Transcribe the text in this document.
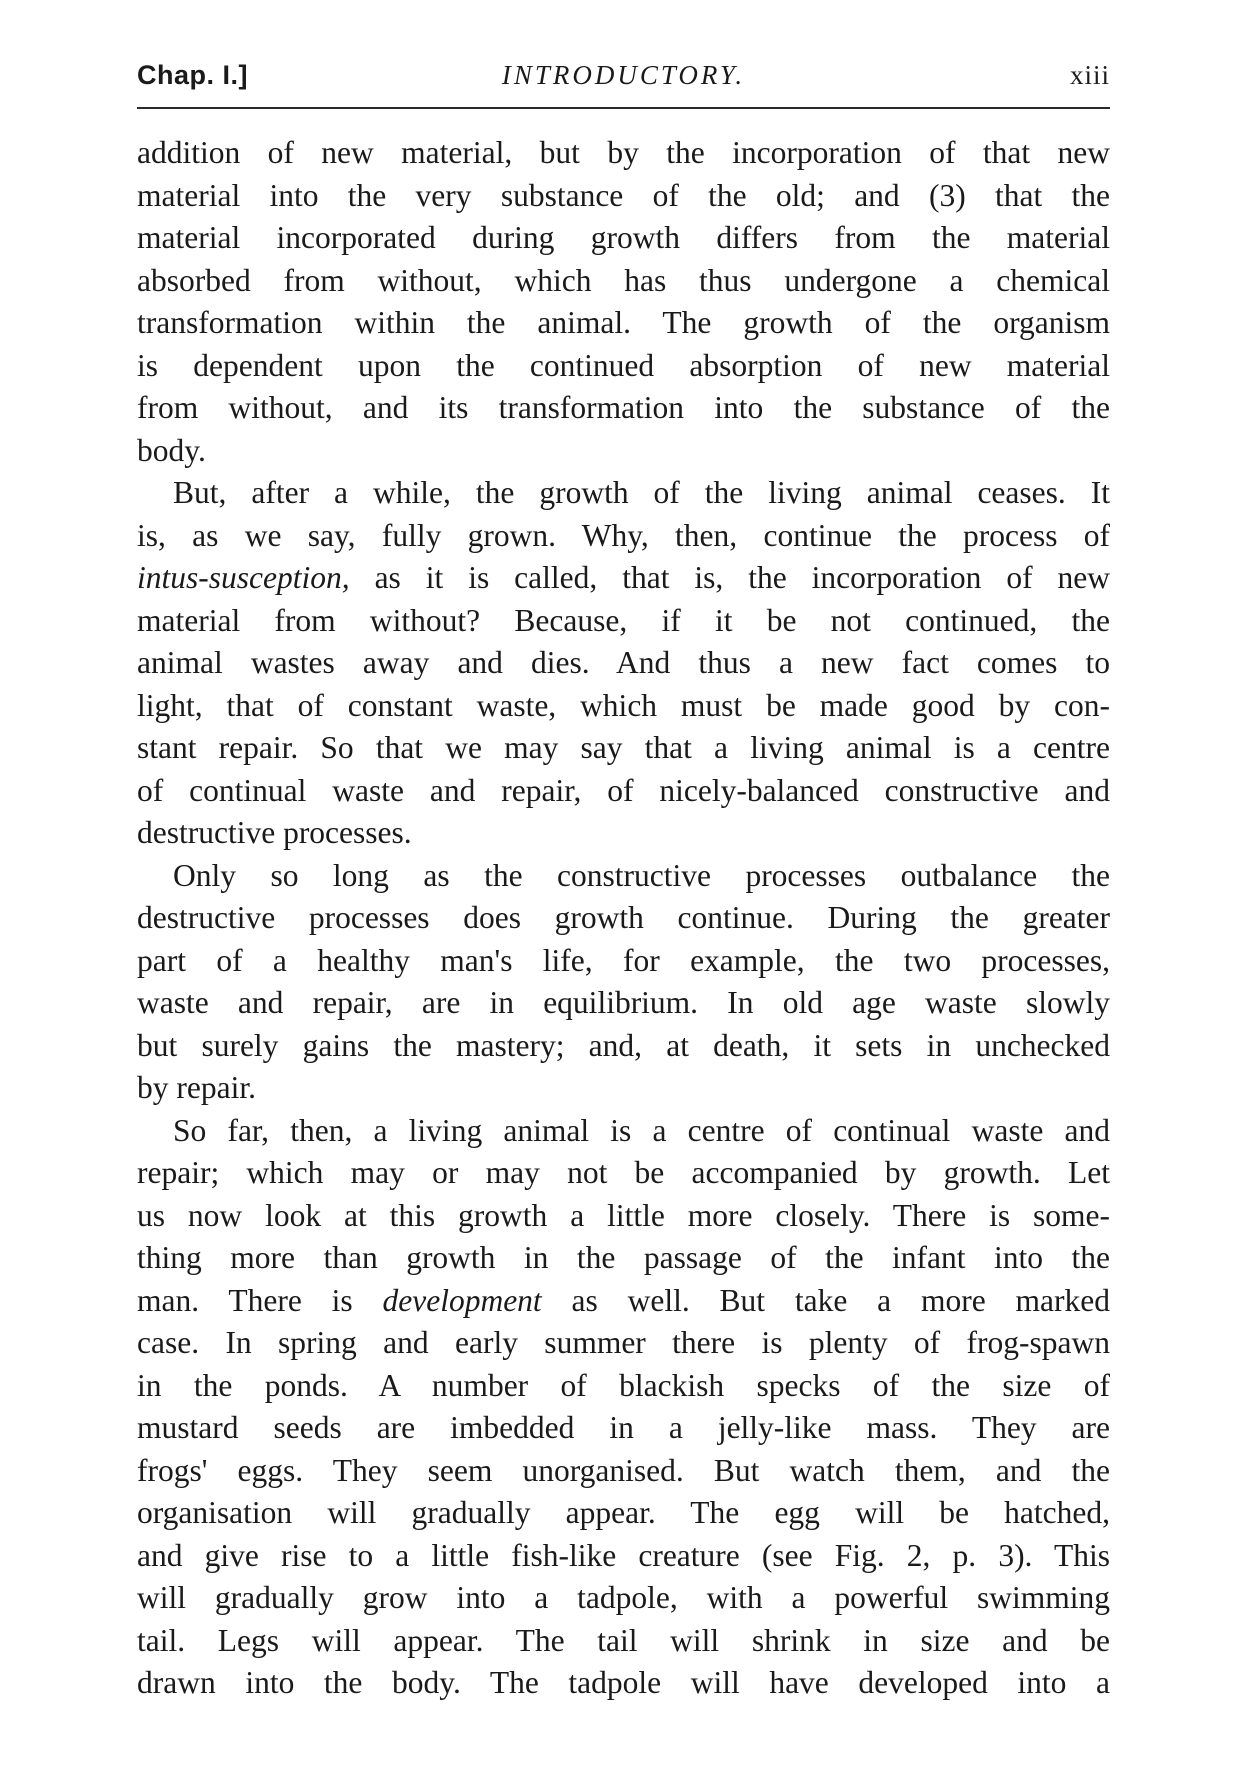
Chap. I.]	INTRODUCTORY.	xiii
addition of new material, but by the incorporation of that new
material into the very substance of the old; and (3) that the
material incorporated during growth differs from the material
absorbed from without, which has thus undergone a chemical
transformation within the animal. The growth of the organism
is dependent upon the continued absorption of new material
from without, and its transformation into the substance of the
body.
But, after a while, the growth of the living animal ceases. It
is, as we say, fully grown. Why, then, continue the process of
intus-susception, as it is called, that is, the incorporation of new
material from without? Because, if it be not continued, the
animal wastes away and dies. And thus a new fact comes to
light, that of constant waste, which must be made good by con-
stant repair. So that we may say that a living animal is a centre
of continual waste and repair, of nicely-balanced constructive and
destructive processes.
Only so long as the constructive processes outbalance the
destructive processes does growth continue. During the greater
part of a healthy man's life, for example, the two processes,
waste and repair, are in equilibrium. In old age waste slowly
but surely gains the mastery; and, at death, it sets in unchecked
by repair.
So far, then, a living animal is a centre of continual waste and
repair; which may or may not be accompanied by growth. Let
us now look at this growth a little more closely. There is some-
thing more than growth in the passage of the infant into the
man. There is development as well. But take a more marked
case. In spring and early summer there is plenty of frog-spawn
in the ponds. A number of blackish specks of the size of
mustard seeds are imbedded in a jelly-like mass. They are
frogs' eggs. They seem unorganised. But watch them, and the
organisation will gradually appear. The egg will be hatched,
and give rise to a little fish-like creature (see Fig. 2, p. 3). This
will gradually grow into a tadpole, with a powerful swimming
tail. Legs will appear. The tail will shrink in size and be
drawn into the body. The tadpole will have developed into a
